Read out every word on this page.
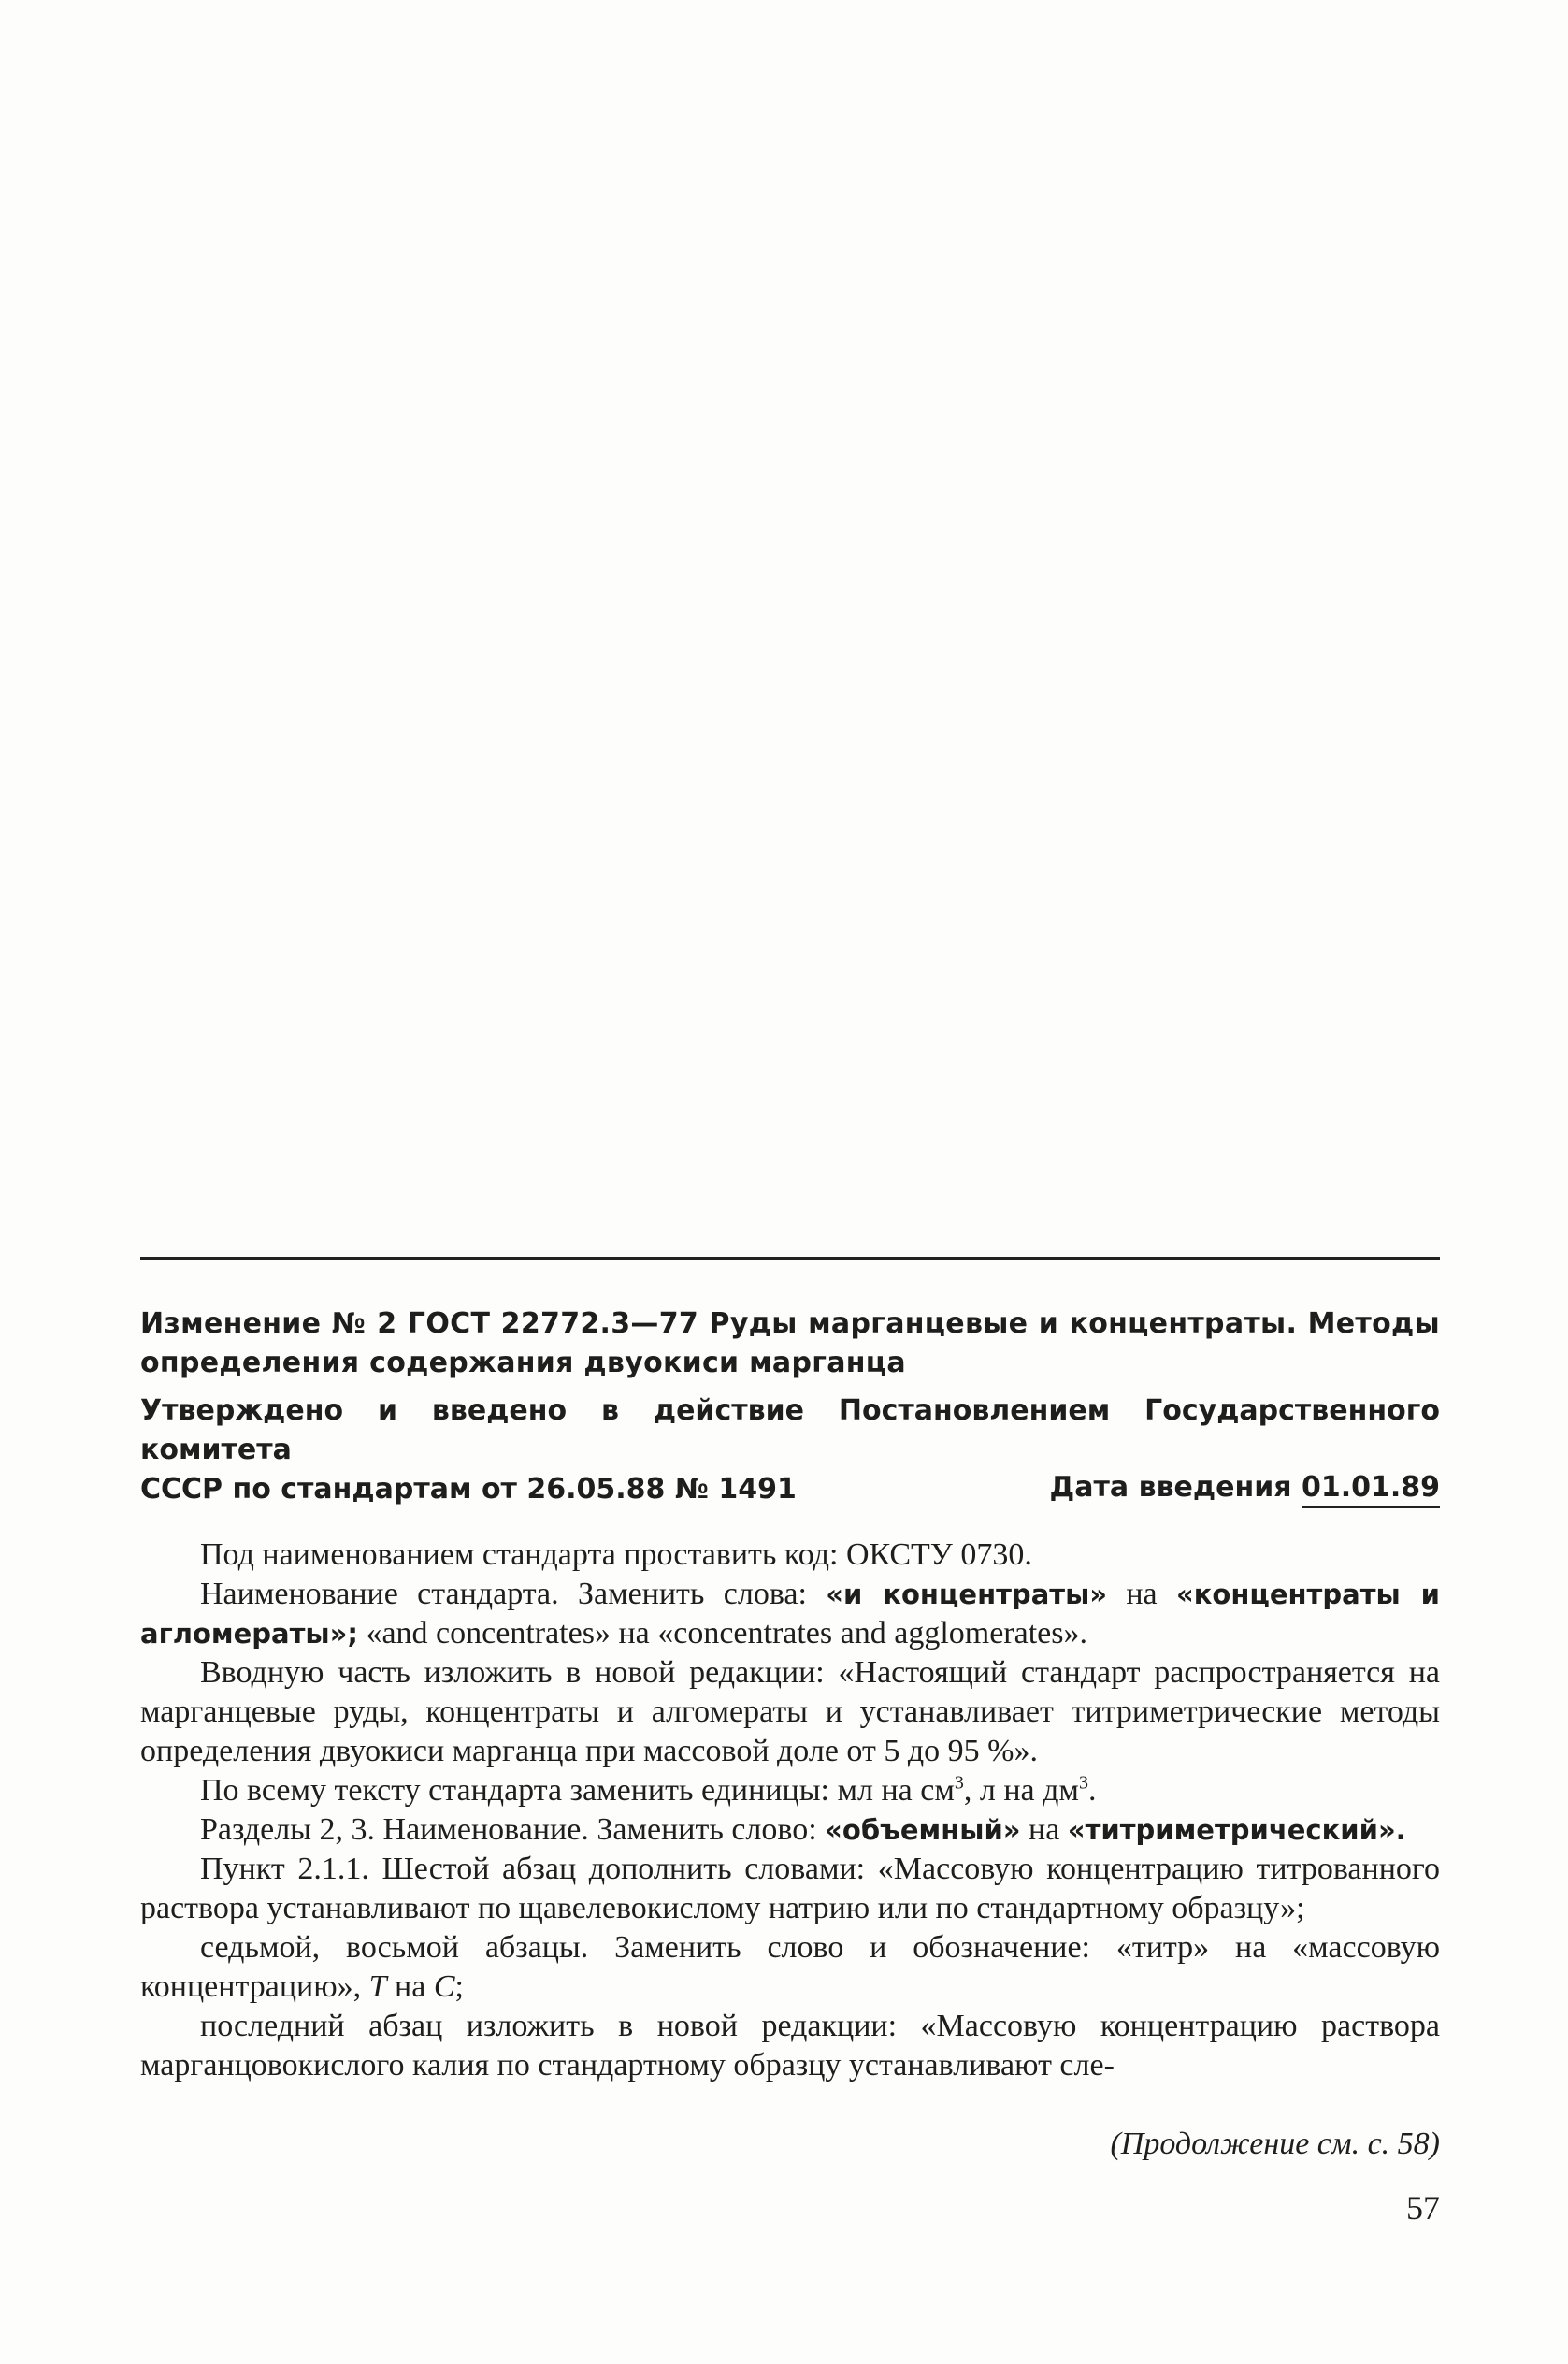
Изменение № 2 ГОСТ 22772.3—77 Руды марганцевые и концентраты. Методы
определения содержания двуокиси марганца
Утверждено и введено в действие Постановлением Государственного комитета
СССР по стандартам от 26.05.88 № 1491	Дата введения 01.01.89

Под наименованием стандарта проставить код: ОКСТУ 0730.

Наименование стандарта. Заменить слова: «и концентраты» на «концентраты и агломераты»; «and concentrates» на «concentrates and agglomerates».

Вводную часть изложить в новой редакции: «Настоящий стандарт распространяется на марганцевые руды, концентраты и алгомераты и устанавливает титриметрические методы определения двуокиси марганца при массовой доле от 5 до 95 %».

По всему тексту стандарта заменить единицы: мл на $см^3$, л на $дм^3$.

Разделы 2, 3. Наименование. Заменить слово: «объемный» на «титриметрический».

Пункт 2.1.1. Шестой абзац дополнить словами: «Массовую концентрацию титрованного раствора устанавливают по щавелевокислому натрию или по стандартному образцу»;

седьмой, восьмой абзацы. Заменить слово и обозначение: «титр» на «массовую концентрацию», T на C;

последний абзац изложить в новой редакции: «Массовую концентрацию раствора марганцовокислого калия по стандартному образцу устанавливают сле-

(Продолжение см. с. 58)
57
